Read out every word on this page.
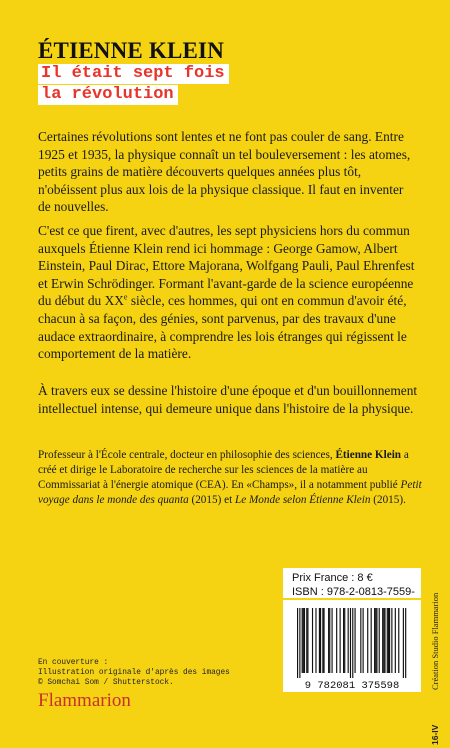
ÉTIENNE KLEIN
Il était sept fois
la révolution

Certaines révolutions sont lentes et ne font pas couler de sang. Entre 1925 et 1935, la physique connaît un tel bouleversement : les atomes, petits grains de matière découverts quelques années plus tôt, n'obéissent plus aux lois de la physique classique. Il faut en inventer de nouvelles.

C'est ce que firent, avec d'autres, les sept physiciens hors du commun auxquels Étienne Klein rend ici hommage : George Gamow, Albert Einstein, Paul Dirac, Ettore Majorana, Wolfgang Pauli, Paul Ehrenfest et Erwin Schrödinger. Formant l'avant-garde de la science européenne du début du XXe siècle, ces hommes, qui ont en commun d'avoir été, chacun à sa façon, des génies, sont parvenus, par des travaux d'une audace extraordinaire, à comprendre les lois étranges qui régissent le comportement de la matière.

À travers eux se dessine l'histoire d'une époque et d'un bouillonnement intellectuel intense, qui demeure unique dans l'histoire de la physique.

Professeur à l'École centrale, docteur en philosophie des sciences, Étienne Klein a créé et dirige le Laboratoire de recherche sur les sciences de la matière au Commissariat à l'énergie atomique (CEA). En «Champs», il a notamment publié Petit voyage dans le monde des quanta (2015) et Le Monde selon Étienne Klein (2015).

Prix France : 8 €
ISBN : 978-2-0813-7559-
9 782081 375598	Création Studio Flammarion
16-IV
En couverture :
Illustration originale d'après des images
© Somchai Som / Shutterstock.
Flammarion
